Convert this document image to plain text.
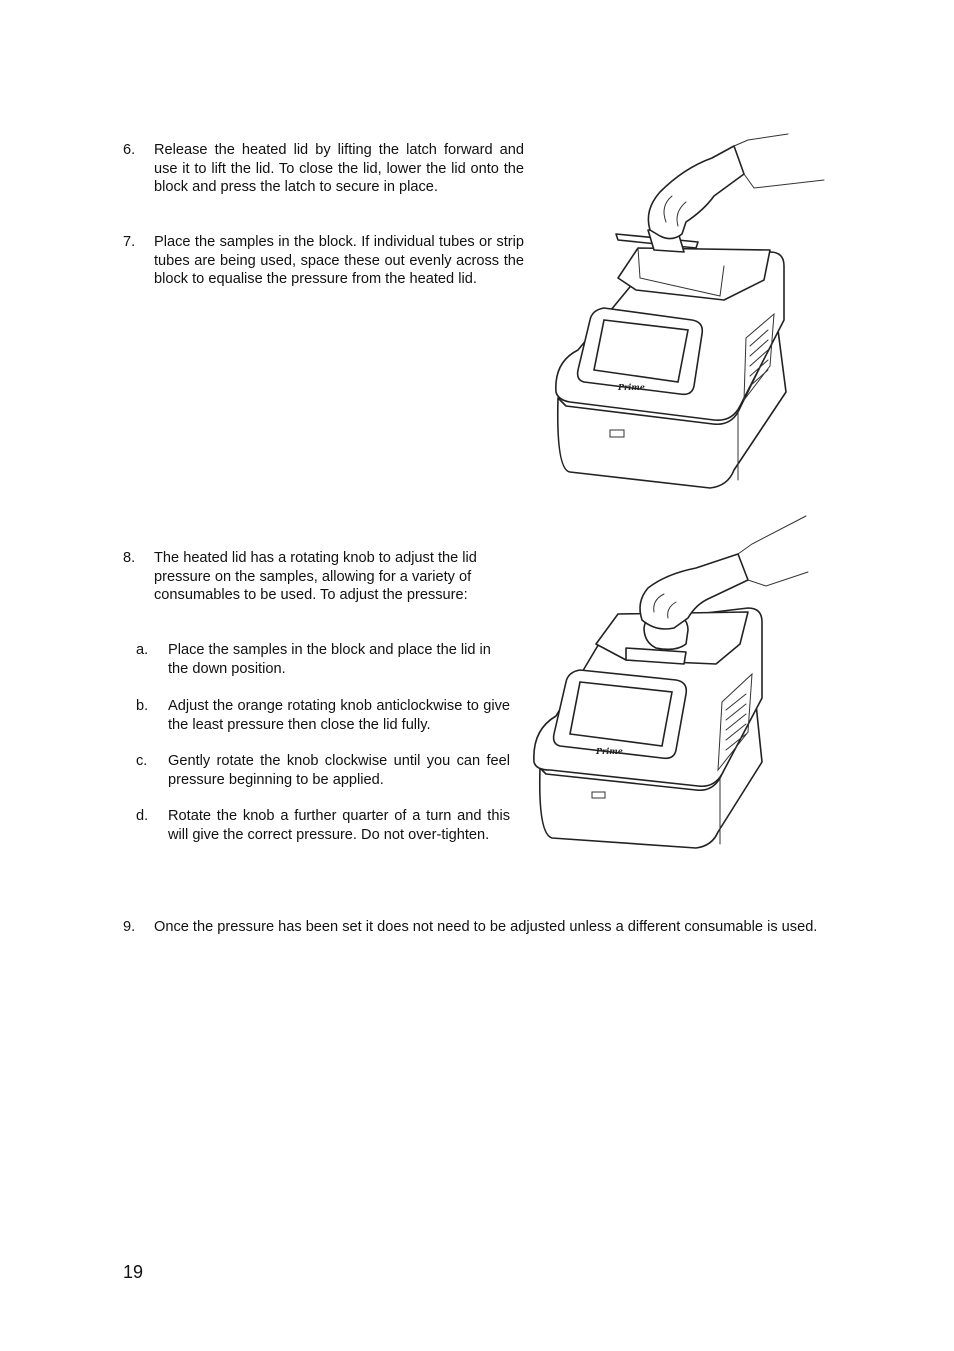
6. Release the heated lid by lifting the latch forward and use it to lift the lid. To close the lid, lower the lid onto the block and press the latch to secure in place.
7. Place the samples in the block. If individual tubes or strip tubes are being used, space these out evenly across the block to equalise the pressure from the heated lid.
Prime
8. The heated lid has a rotating knob to adjust the lid pressure on the samples, allowing for a variety of consumables to be used. To adjust the pressure:
a. Place the samples in the block and place the lid in the down position.
b. Adjust the orange rotating knob anticlockwise to give the least pressure then close the lid fully.
c. Gently rotate the knob clockwise until you can feel pressure beginning to be applied.
d. Rotate the knob a further quarter of a turn and this will give the correct pressure. Do not over-tighten.
Prime
9. Once the pressure has been set it does not need to be adjusted unless a different consumable is used.
19
